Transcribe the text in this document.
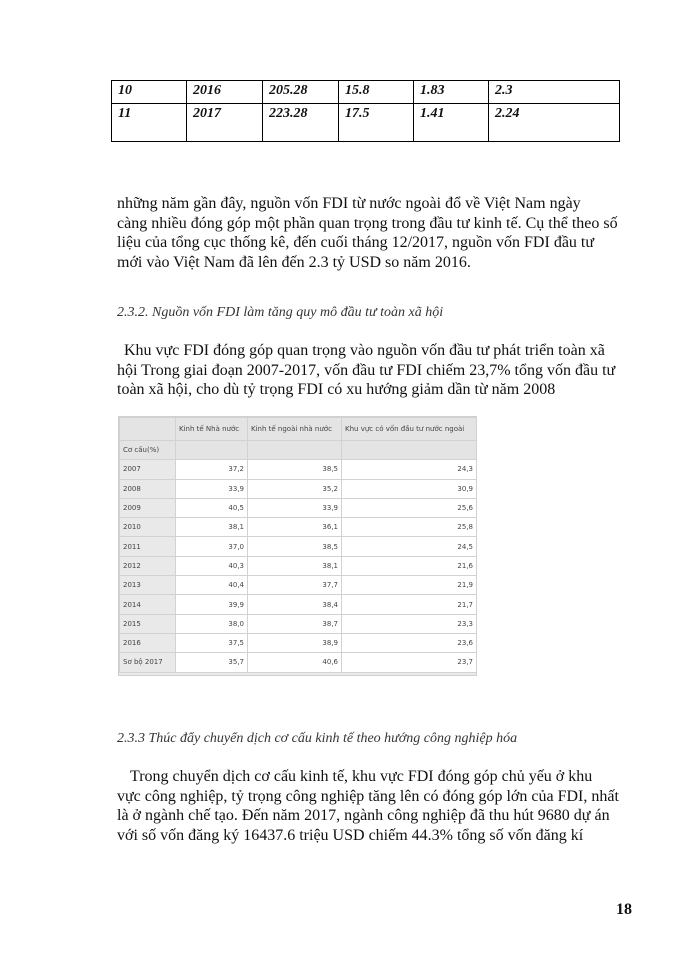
10	2016	205.28	15.8	1.83	2.3
11	2017	223.28	17.5	1.41	2.24

những năm gần đây, nguồn vốn FDI từ nước ngoài đổ về Việt Nam ngày

càng nhiều đóng góp một phần quan trọng trong đầu tư kinh tế. Cụ thể theo số

liệu của tổng cục thống kê, đến cuối tháng 12/2017, nguồn vốn FDI đầu tư

mới vào Việt Nam đã lên đến 2.3 tỷ USD so năm 2016.

2.3.2. Nguồn vốn FDI làm tăng quy mô đầu tư toàn xã hội

Khu vực FDI đóng góp quan trọng vào nguồn vốn đầu tư phát triển toàn xã

hội Trong giai đoạn 2007-2017, vốn đầu tư FDI chiếm 23,7% tổng vốn đầu tư

toàn xã hội, cho dù tỷ trọng FDI có xu hướng giảm dần từ năm 2008

	Kinh tế Nhà nước	Kinh tế ngoài nhà nước	Khu vực có vốn đầu tư nước ngoài
Cơ cấu(%)			
2007	37,2	38,5	24,3
2008	33,9	35,2	30,9
2009	40,5	33,9	25,6
2010	38,1	36,1	25,8
2011	37,0	38,5	24,5
2012	40,3	38,1	21,6
2013	40,4	37,7	21,9
2014	39,9	38,4	21,7
2015	38,0	38,7	23,3
2016	37,5	38,9	23,6
Sơ bộ 2017	35,7	40,6	23,7
2.3.3 Thúc đẩy chuyển dịch cơ cấu kinh tế theo hướng công nghiệp hóa

Trong chuyển dịch cơ cấu kinh tế, khu vực FDI đóng góp chủ yếu ở khu

vực công nghiệp, tỷ trọng công nghiệp tăng lên có đóng góp lớn của FDI, nhất

là ở ngành chế tạo. Đến năm 2017, ngành công nghiệp đã thu hút 9680 dự án

với số vốn đăng ký 16437.6 triệu USD chiếm 44.3% tổng số vốn đăng kí

18
